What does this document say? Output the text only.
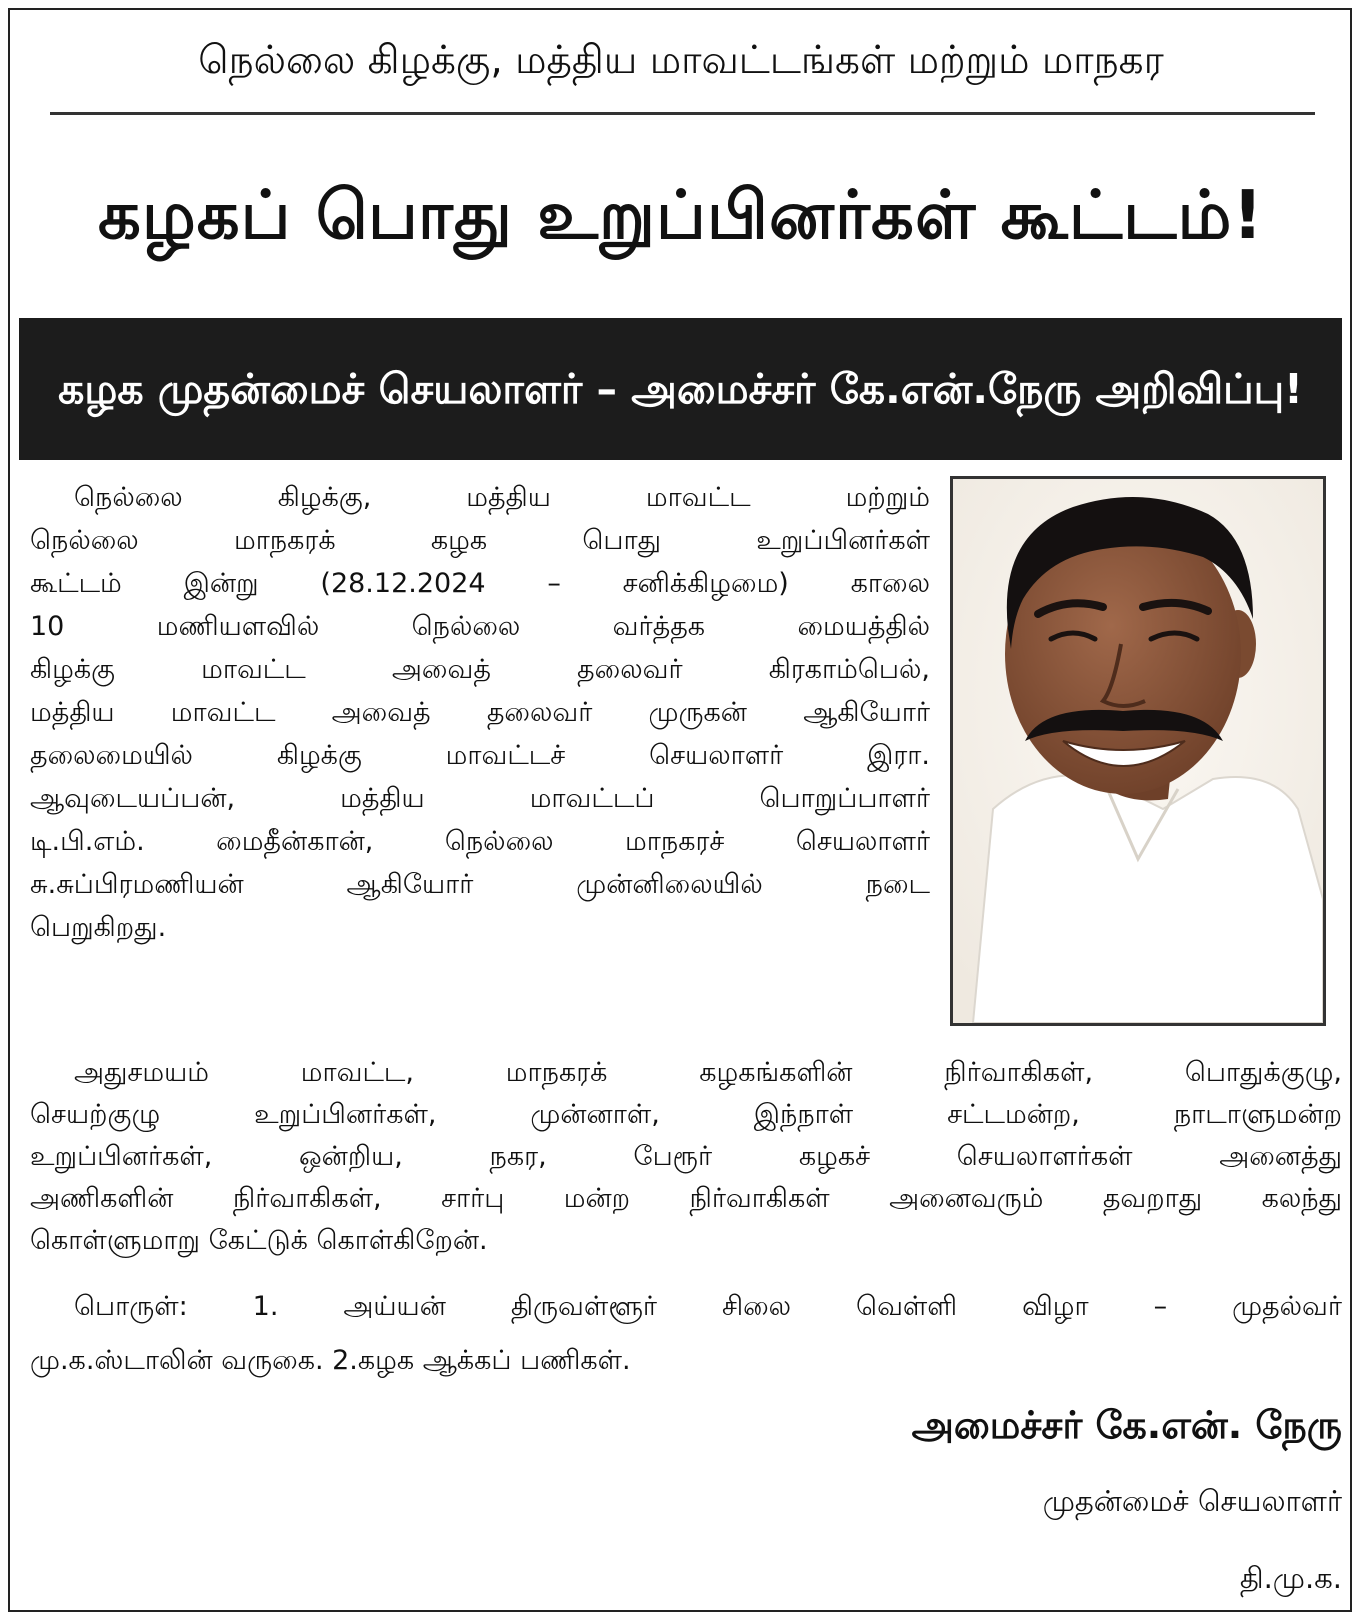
நெல்லை கிழக்கு, மத்திய மாவட்டங்கள் மற்றும் மாநகர
கழகப் பொது உறுப்பினர்கள் கூட்டம்!
கழக முதன்மைச் செயலாளர் – அமைச்சர் கே.என்.நேரு அறிவிப்பு!
நெல்லை கிழக்கு, மத்திய மாவட்ட மற்றும்
நெல்லை மாநகரக் கழக பொது உறுப்பினர்கள்
கூட்டம் இன்று (28.12.2024 – சனிக்கிழமை) காலை
10 மணியளவில் நெல்லை வர்த்தக மையத்தில்
கிழக்கு மாவட்ட அவைத் தலைவர் கிரகாம்பெல்,
மத்திய மாவட்ட அவைத் தலைவர் முருகன் ஆகியோர்
தலைமையில் கிழக்கு மாவட்டச் செயலாளர் இரா.
ஆவுடையப்பன், மத்திய மாவட்டப் பொறுப்பாளர்
டி.பி.எம். மைதீன்கான், நெல்லை மாநகரச் செயலாளர்
சு.சுப்பிரமணியன் ஆகியோர் முன்னிலையில் நடை
பெறுகிறது.
அதுசமயம் மாவட்ட, மாநகரக் கழகங்களின் நிர்வாகிகள், பொதுக்குழு,
செயற்குழு உறுப்பினர்கள், முன்னாள், இந்நாள் சட்டமன்ற, நாடாளுமன்ற
உறுப்பினர்கள், ஒன்றிய, நகர, பேரூர் கழகச் செயலாளர்கள் அனைத்து
அணிகளின் நிர்வாகிகள், சார்பு மன்ற நிர்வாகிகள் அனைவரும் தவறாது கலந்து
கொள்ளுமாறு கேட்டுக் கொள்கிறேன்.
பொருள்: 1. அய்யன் திருவள்ளூர் சிலை வெள்ளி விழா – முதல்வர்
மு.க.ஸ்டாலின் வருகை. 2.கழக ஆக்கப் பணிகள்.
அமைச்சர் கே.என். நேரு
முதன்மைச் செயலாளர்
தி.மு.க.
